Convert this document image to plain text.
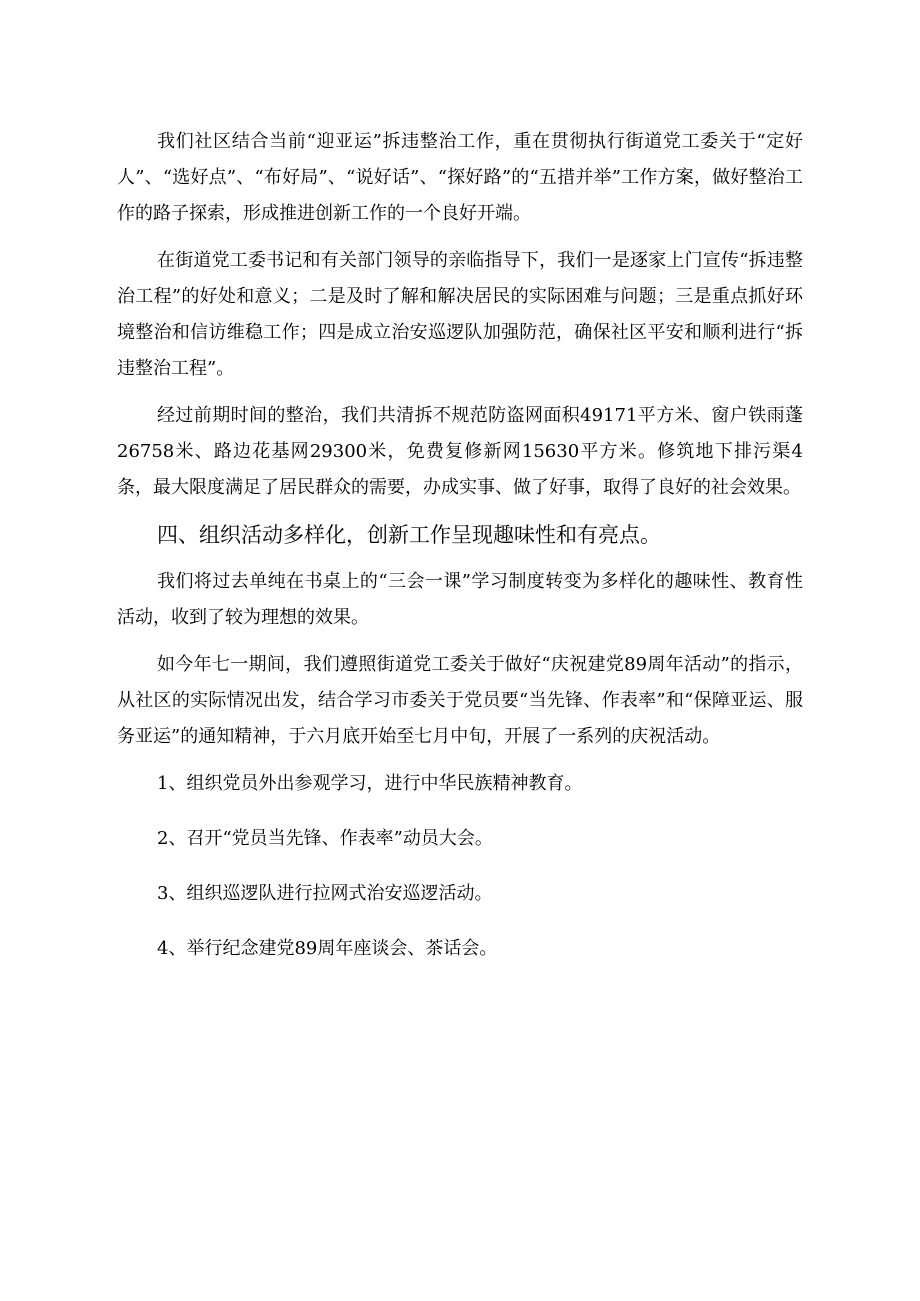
我们社区结合当前“迎亚运”拆违整治工作，重在贯彻执行街道党工委关于“定好人”、“选好点”、“布好局”、“说好话”、“探好路”的“五措并举”工作方案，做好整治工作的路子探索，形成推进创新工作的一个良好开端。

在街道党工委书记和有关部门领导的亲临指导下，我们一是逐家上门宣传“拆违整治工程”的好处和意义；二是及时了解和解决居民的实际困难与问题；三是重点抓好环境整治和信访维稳工作；四是成立治安巡逻队加强防范，确保社区平安和顺利进行“拆违整治工程”。

经过前期时间的整治，我们共清拆不规范防盗网面积49171平方米、窗户铁雨蓬26758米、路边花基网29300米，免费复修新网15630平方米。修筑地下排污渠4条，最大限度满足了居民群众的需要，办成实事、做了好事，取得了良好的社会效果。

四、组织活动多样化，创新工作呈现趣味性和有亮点。

我们将过去单纯在书桌上的“三会一课”学习制度转变为多样化的趣味性、教育性活动，收到了较为理想的效果。

如今年七一期间，我们遵照街道党工委关于做好“庆祝建党89周年活动”的指示，从社区的实际情况出发，结合学习市委关于党员要“当先锋、作表率”和“保障亚运、服务亚运”的通知精神，于六月底开始至七月中旬，开展了一系列的庆祝活动。

1、组织党员外出参观学习，进行中华民族精神教育。

2、召开“党员当先锋、作表率”动员大会。

3、组织巡逻队进行拉网式治安巡逻活动。

4、举行纪念建党89周年座谈会、茶话会。
